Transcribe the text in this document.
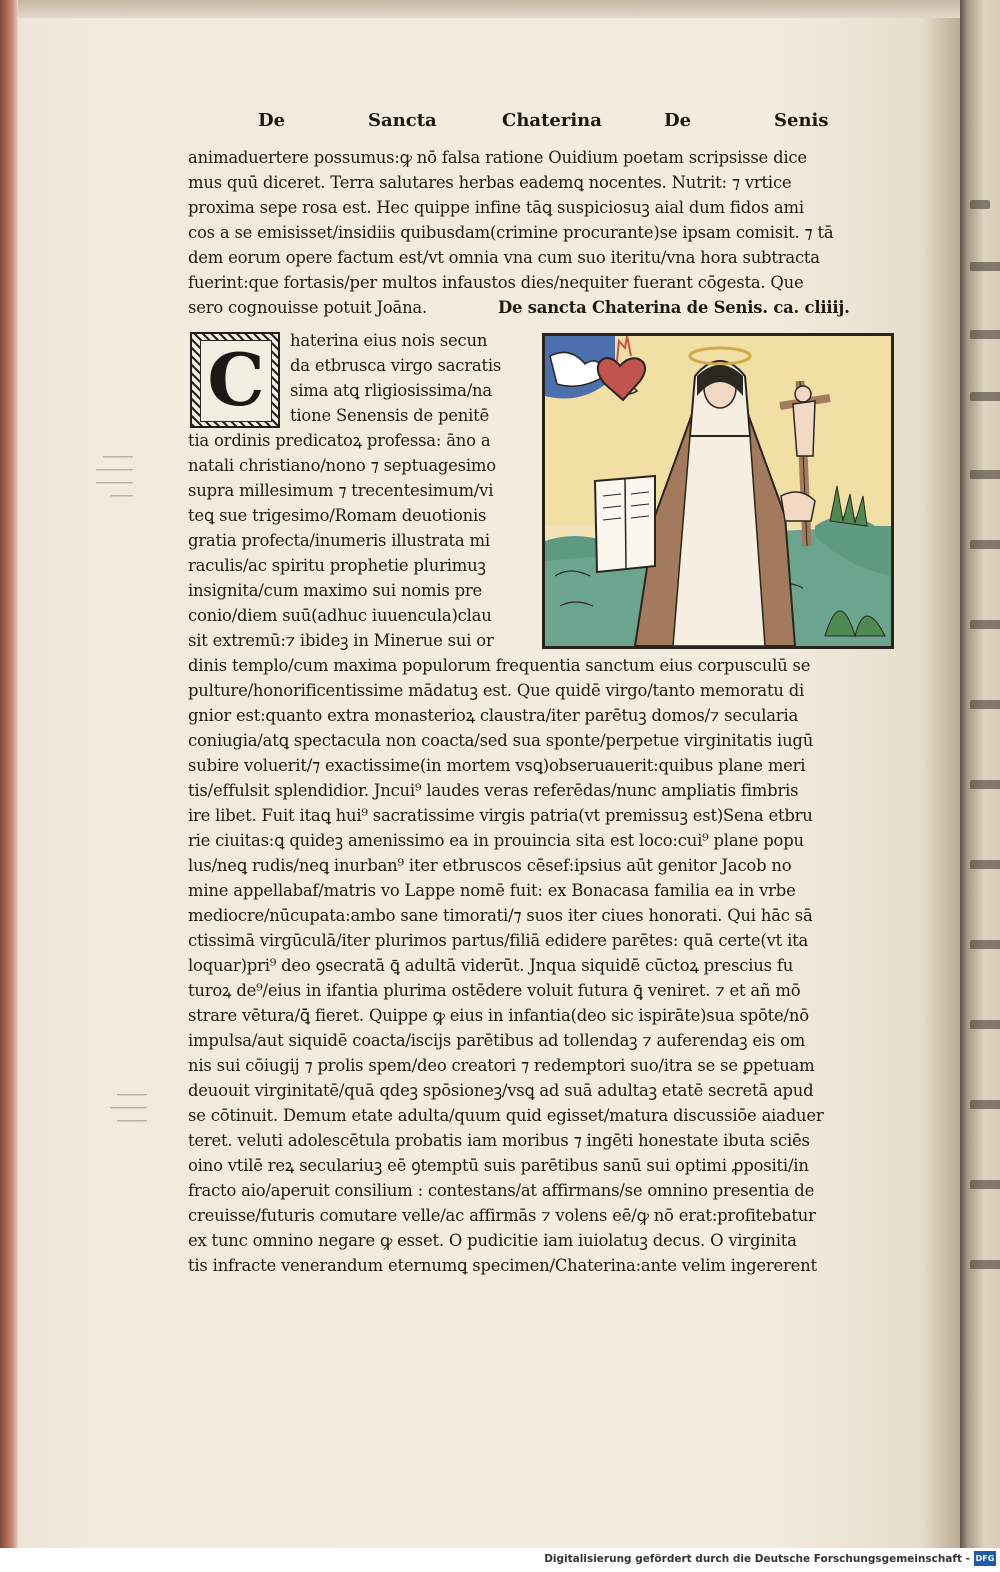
▁▁▁▁
▁▁▁▁▁
▁▁▁▁▁
▁▁▁
▁▁▁▁
▁▁▁▁▁
▁▁▁▁
De	Sancta	Chaterina	De	Senis
animaduertere possumus:ꝙ nō falsa ratione Ouidium poetam scripsisse dice
mus quū diceret. Terra salutares herbas eademꝗ nocentes. Nutrit: ⁊ vrtice
proxima sepe rosa est. Hec quippe infine tāꝗ suspiciosuꝫ aial dum fidos ami
cos a se emisisset/insidiis quibusdam(crimine procurante)se ipsam comisit. ⁊ tā
dem eorum opere factum est/vt omnia vna cum suo iteritu/vna hora subtracta
fuerint:que fortasis/per multos infaustos dies/nequiter fuerant cōgesta. Que
sero cognouisse potuit Joāna.	De sancta Chaterina de Senis. ca. cliiij.
C	haterina eius nois secun
da etbrusca virgo sacratis
sima atꝗ rligiosissima/na
tione Senensis de penitē
tia ordinis predicatoꝝ professa: āno a
natali christiano/nono ⁊ septuagesimo
supra millesimum ⁊ trecentesimum/vi
teꝗ sue trigesimo/Romam deuotionis
gratia profecta/inumeris illustrata mi
raculis/ac spiritu prophetie plurimuꝫ
insignita/cum maximo sui nomis pre
conio/diem suū(adhuc iuuencula)clau
sit extremū:⁊ ibideꝫ in Minerue sui or
dinis templo/cum maxima populorum frequentia sanctum eius corpusculū se
pulture/honorificentissime mādatuꝫ est. Que quidē virgo/tanto memoratu di
gnior est:quanto extra monasterioꝝ claustra/iter parētuꝫ domos/⁊ secularia
coniugia/atꝗ spectacula non coacta/sed sua sponte/perpetue virginitatis iugū
subire voluerit/⁊ exactissime(in mortem vsꝗ)obseruauerit:quibus plane meri
tis/effulsit splendidior. Jncui⁹ laudes veras referēdas/nunc ampliatis fimbris
ire libet. Fuit itaꝗ hui⁹ sacratissime virgis patria(vt premissuꝫ est)Sena etbru
rie ciuitas:ꝗ quideꝫ amenissimo ea in prouincia sita est loco:cui⁹ plane popu
lus/neꝗ rudis/neꝗ inurban⁹ iter etbruscos cēsef:ipsius aūt genitor Jacob no
mine appellabaf/matris vo Lappe nomē fuit: ex Bonacasa familia ea in vrbe
mediocre/nūcupata:ambo sane timorati/⁊ suos iter ciues honorati. Qui hāc sā
ctissimā virgūculā/iter plurimos partus/filiā edidere parētes: quā certe(vt ita
loquar)pri⁹ deo ꝯsecratā ꝗ̄ adultā viderūt. Jnqua siquidē cūctoꝝ prescius fu
turoꝝ de⁹/eius in ifantia plurima ostēdere voluit futura ꝗ̄ veniret. ⁊ et añ mō
strare vētura/ꝗ̄ fieret. Quippe ꝙ eius in infantia(deo sic ispirāte)sua spōte/nō
impulsa/aut siquidē coacta/iscijs parētibus ad tollendaꝫ ⁊ auferendaꝫ eis om
nis sui cōiugij ⁊ prolis spem/deo creatori ⁊ redemptori suo/itra se se ꝑpetuam
deuouit virginitatē/quā qdeꝫ spōsioneꝫ/vsꝗ ad suā adultaꝫ etatē secretā apud
se cōtinuit. Demum etate adulta/quum quid egisset/matura discussiōe aiaduer
teret. veluti adolescētula probatis iam moribus ⁊ ingēti honestate ibuta sciēs
oino vtilē reꝝ seculariuꝫ eē ꝯtemptū suis parētibus sanū sui optimi ꝓpositi/in
fracto aio/aperuit consilium : contestans/at affirmans/se omnino presentia de
creuisse/futuris comutare velle/ac affirmās ⁊ volens eē/ꝙ nō erat:profitebatur
ex tunc omnino negare ꝙ esset. O pudicitie iam iuiolatuꝫ decus. O virginita
tis infracte venerandum eternumꝗ specimen/Chaterina:ante velim ingererent
Digitalisierung gefördert durch die Deutsche Forschungsgemeinschaft - DFG
